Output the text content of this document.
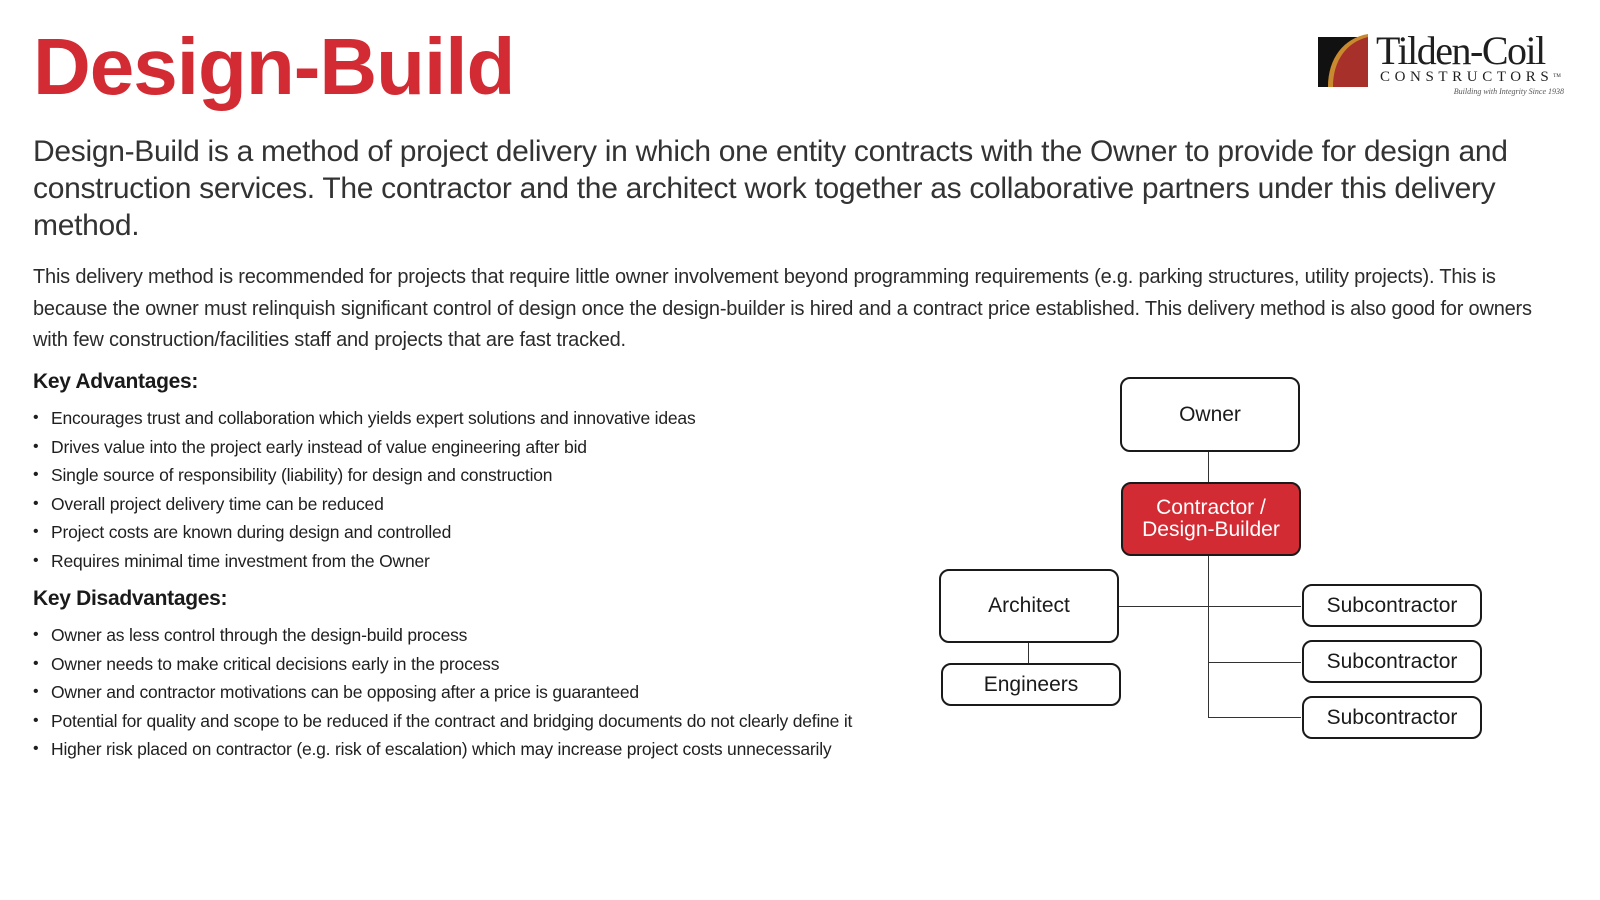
Design-Build	Tilden-Coil
CONSTRUCTORSTM
Building with Integrity Since 1938

Design-Build is a method of project delivery in which one entity contracts with the Owner to provide for design and construction services. The contractor and the architect work together as collaborative partners under this delivery method.

This delivery method is recommended for projects that require little owner involvement beyond programming requirements (e.g. parking structures, utility projects). This is because the owner must relinquish significant control of design once the design-builder is hired and a contract price established. This delivery method is also good for owners with few construction/facilities staff and projects that are fast tracked.

Key Advantages:
• Encourages trust and collaboration which yields expert solutions and innovative ideas
• Drives value into the project early instead of value engineering after bid
• Single source of responsibility (liability) for design and construction
• Overall project delivery time can be reduced
• Project costs are known during design and controlled
• Requires minimal time investment from the Owner
Key Disadvantages:
• Owner as less control through the design-build process
• Owner needs to make critical decisions early in the process
• Owner and contractor motivations can be opposing after a price is guaranteed
• Potential for quality and scope to be reduced if the contract and bridging documents do not clearly define it
• Higher risk placed on contractor (e.g. risk of escalation) which may increase project costs unnecessarily
Owner
Contractor /
Design-Builder
Architect
Engineers
Subcontractor
Subcontractor
Subcontractor
